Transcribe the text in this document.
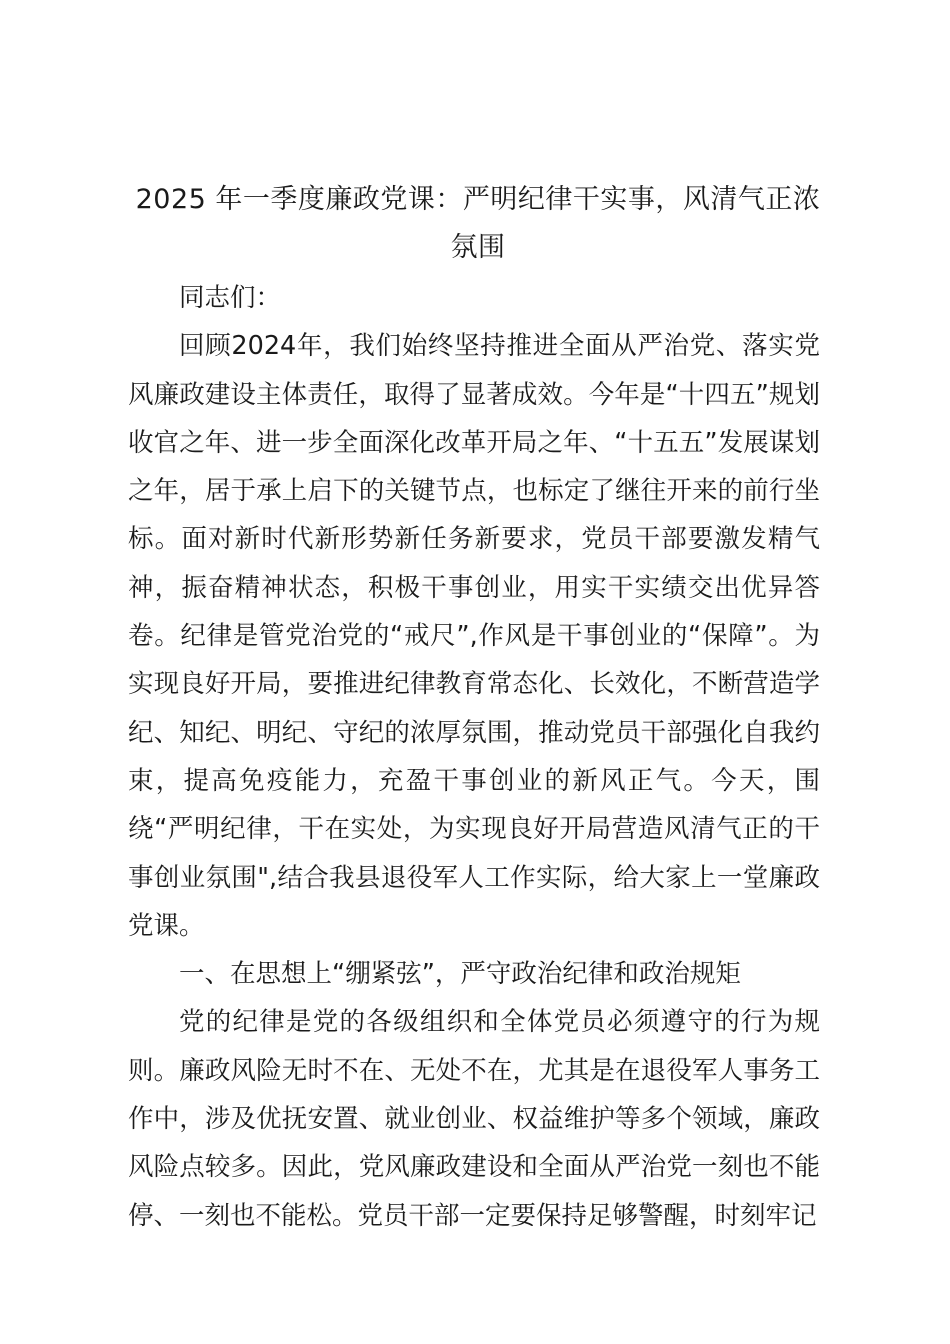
2025 年一季度廉政党课：严明纪律干实事，风清气正浓氛围

同志们：

回顾2024年，我们始终坚持推进全面从严治党、落实党风廉政建设主体责任，取得了显著成效。今年是“十四五”规划收官之年、进一步全面深化改革开局之年、“十五五”发展谋划之年，居于承上启下的关键节点，也标定了继往开来的前行坐标。面对新时代新形势新任务新要求，党员干部要激发精气神，振奋精神状态，积极干事创业，用实干实绩交出优异答卷。纪律是管党治党的“戒尺”,作风是干事创业的“保障”。为实现良好开局，要推进纪律教育常态化、长效化，不断营造学纪、知纪、明纪、守纪的浓厚氛围，推动党员干部强化自我约束，提高免疫能力，充盈干事创业的新风正气。今天，围绕“严明纪律，干在实处，为实现良好开局营造风清气正的干事创业氛围",结合我县退役军人工作实际，给大家上一堂廉政党课。

一、在思想上“绷紧弦”，严守政治纪律和政治规矩

党的纪律是党的各级组织和全体党员必须遵守的行为规则。廉政风险无时不在、无处不在，尤其是在退役军人事务工作中，涉及优抚安置、就业创业、权益维护等多个领域，廉政风险点较多。因此，党风廉政建设和全面从严治党一刻也不能停、一刻也不能松。党员干部一定要保持足够警醒，时刻牢记
